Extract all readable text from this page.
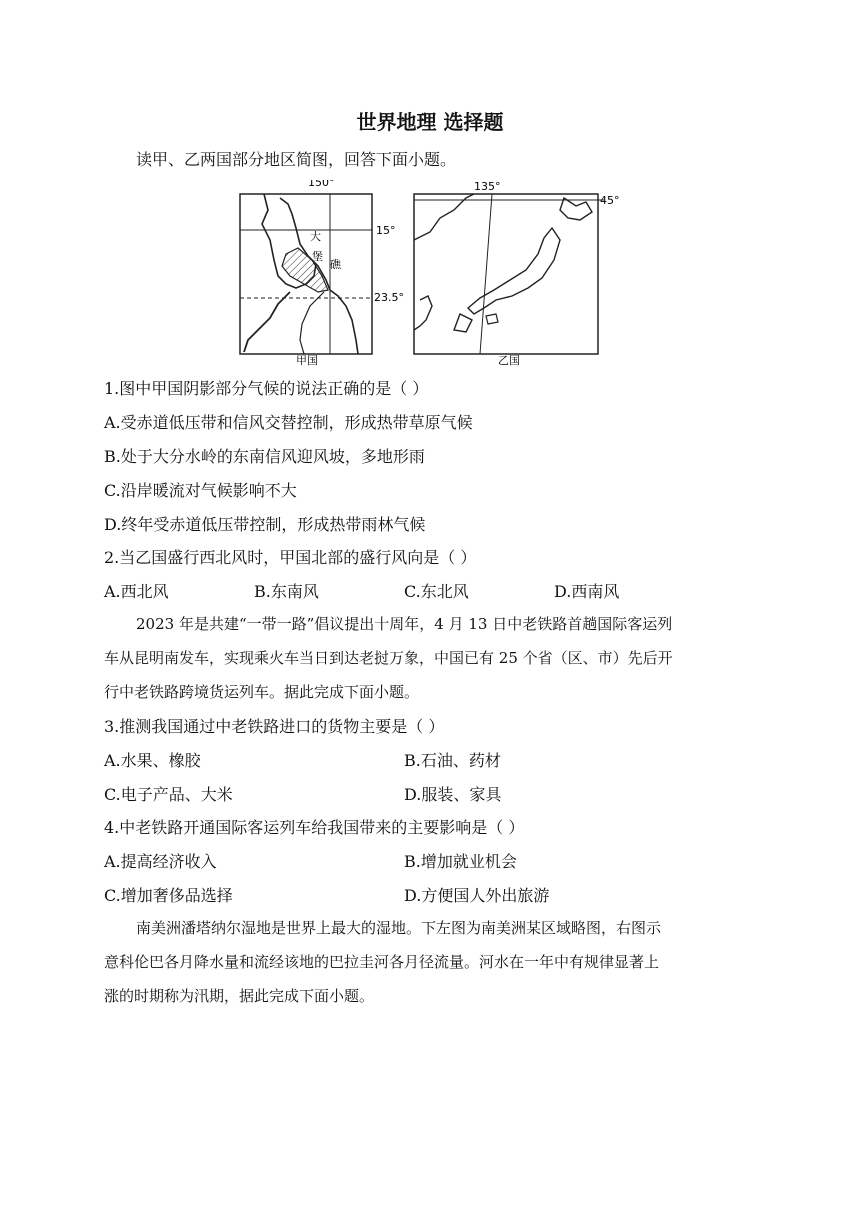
世界地理 选择题
读甲、乙两国部分地区简图，回答下面小题。
150°
15°
23.5°
大
堡
礁
甲国
135°
45°
乙国
1.图中甲国阴影部分气候的说法正确的是（ ）
A.受赤道低压带和信风交替控制，形成热带草原气候
B.处于大分水岭的东南信风迎风坡，多地形雨
C.沿岸暖流对气候影响不大
D.终年受赤道低压带控制，形成热带雨林气候
2.当乙国盛行西北风时，甲国北部的盛行风向是（ ）
A.西北风	B.东南风	C.东北风	D.西南风
2023 年是共建“一带一路”倡议提出十周年，4 月 13 日中老铁路首趟国际客运列
车从昆明南发车，实现乘火车当日到达老挝万象，中国已有 25 个省（区、市）先后开
行中老铁路跨境货运列车。据此完成下面小题。
3.推测我国通过中老铁路进口的货物主要是（ ）
A.水果、橡胶	B.石油、药材
C.电子产品、大米	D.服装、家具
4.中老铁路开通国际客运列车给我国带来的主要影响是（ ）
A.提高经济收入	B.增加就业机会
C.增加奢侈品选择	D.方便国人外出旅游
南美洲潘塔纳尔湿地是世界上最大的湿地。下左图为南美洲某区域略图，右图示
意科伦巴各月降水量和流经该地的巴拉圭河各月径流量。河水在一年中有规律显著上
涨的时期称为汛期，据此完成下面小题。
